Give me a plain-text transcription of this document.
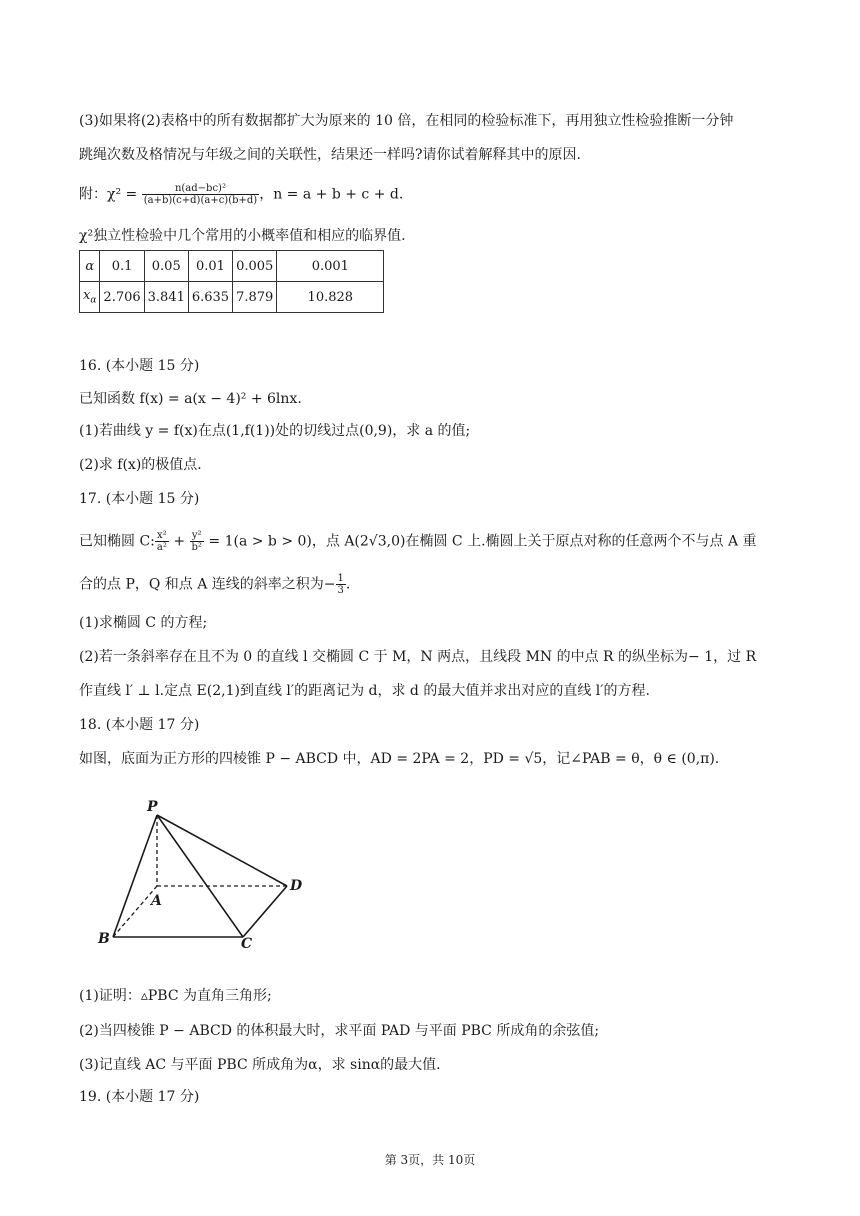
(3)如果将(2)表格中的所有数据都扩大为原来的 10 倍，在相同的检验标准下，再用独立性检验推断一分钟
跳绳次数及格情况与年级之间的关联性，结果还一样吗?请你试着解释其中的原因.
附：$\chi^2 = \frac{\text{n(ad−bc)²}}{(a+b)(c+d)(a+c)(b+d)}$ ，n = a + b + c + d.
χ²独立性检验中几个常用的小概率值和相应的临界值.
α	0.1	0.05	0.01	0.005	0.001
$x_\alpha$	2.706	3.841	6.635	7.879	10.828
16. (本小题 15 分)
已知函数 f(x) = a(x − 4)² + 6lnx.
(1)若曲线 y = f(x)在点(1,f(1))处的切线过点(0,9)，求 a 的值;
(2)求 f(x)的极值点.
17. (本小题 15 分)
已知椭圆 C: $\frac{\text{x²}}{\text{a²}} + \frac{\text{y²}}{\text{b²}} = 1(a > b > 0)$，点 A(2√3,0)在椭圆 C 上.椭圆上关于原点对称的任意两个不与点 A 重
合的点 P，Q 和点 A 连线的斜率之积为− $\frac{1}{3}$ .
(1)求椭圆 C 的方程;
(2)若一条斜率存在且不为 0 的直线 l 交椭圆 C 于 M，N 两点，且线段 MN 的中点 R 的纵坐标为− 1，过 R
作直线 l′ ⊥ l.定点 E(2,1)到直线 l′的距离记为 d，求 d 的最大值并求出对应的直线 l′的方程.
18. (本小题 17 分)
如图，底面为正方形的四棱锥 P − ABCD 中，AD = 2PA = 2，PD = √5，记∠PAB = θ，θ ∈ (0,π).
P
A
B	C
D
(1)证明：▵PBC 为直角三角形;
(2)当四棱锥 P − ABCD 的体积最大时，求平面 PAD 与平面 PBC 所成角的余弦值;
(3)记直线 AC 与平面 PBC 所成角为α，求 sinα的最大值.
19. (本小题 17 分)
第 3页，共 10页
